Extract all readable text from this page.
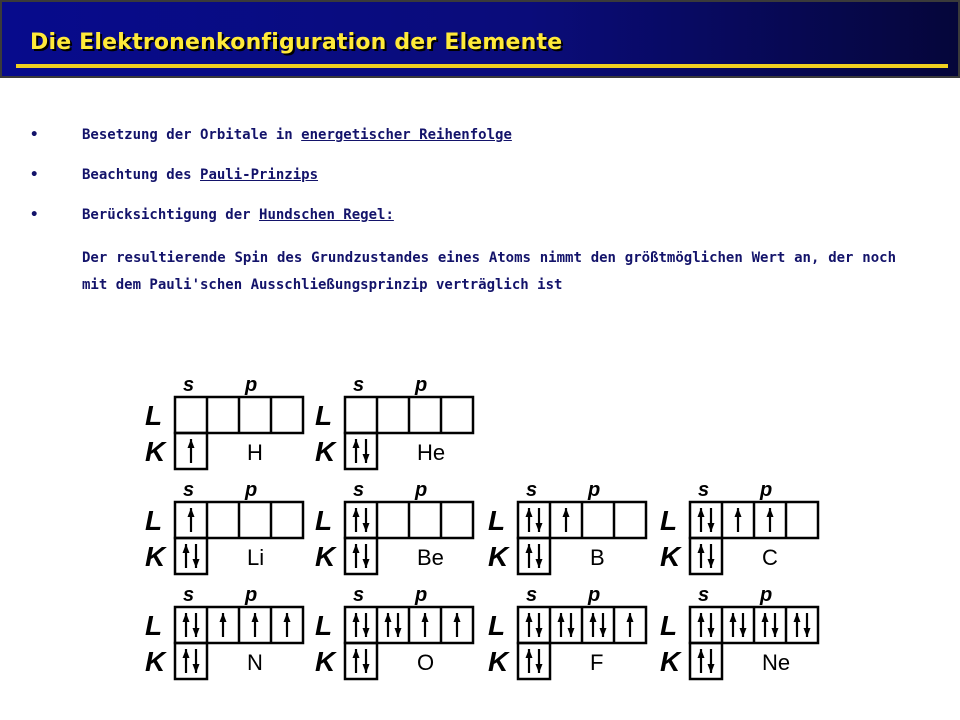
Die Elektronenkonfiguration der Elemente
•	Besetzung der Orbitale in energetischer Reihenfolge
•	Beachtung des Pauli-Prinzips
•	Berücksichtigung der Hundschen Regel:
Der resultierende Spin des Grundzustandes eines Atoms nimmt den größtmöglichen Wert an, der noch mit dem Pauli'schen Ausschließungsprinzip verträglich ist
s	p
L
K	H
s	p
L
K	He
s	p
L
K	Li
s	p
L
K	Be
s	p
L
K	B
s	p
L
K	C
s	p
L
K	N
s	p
L
K	O
s	p
L
K	F
s	p
L
K	Ne
